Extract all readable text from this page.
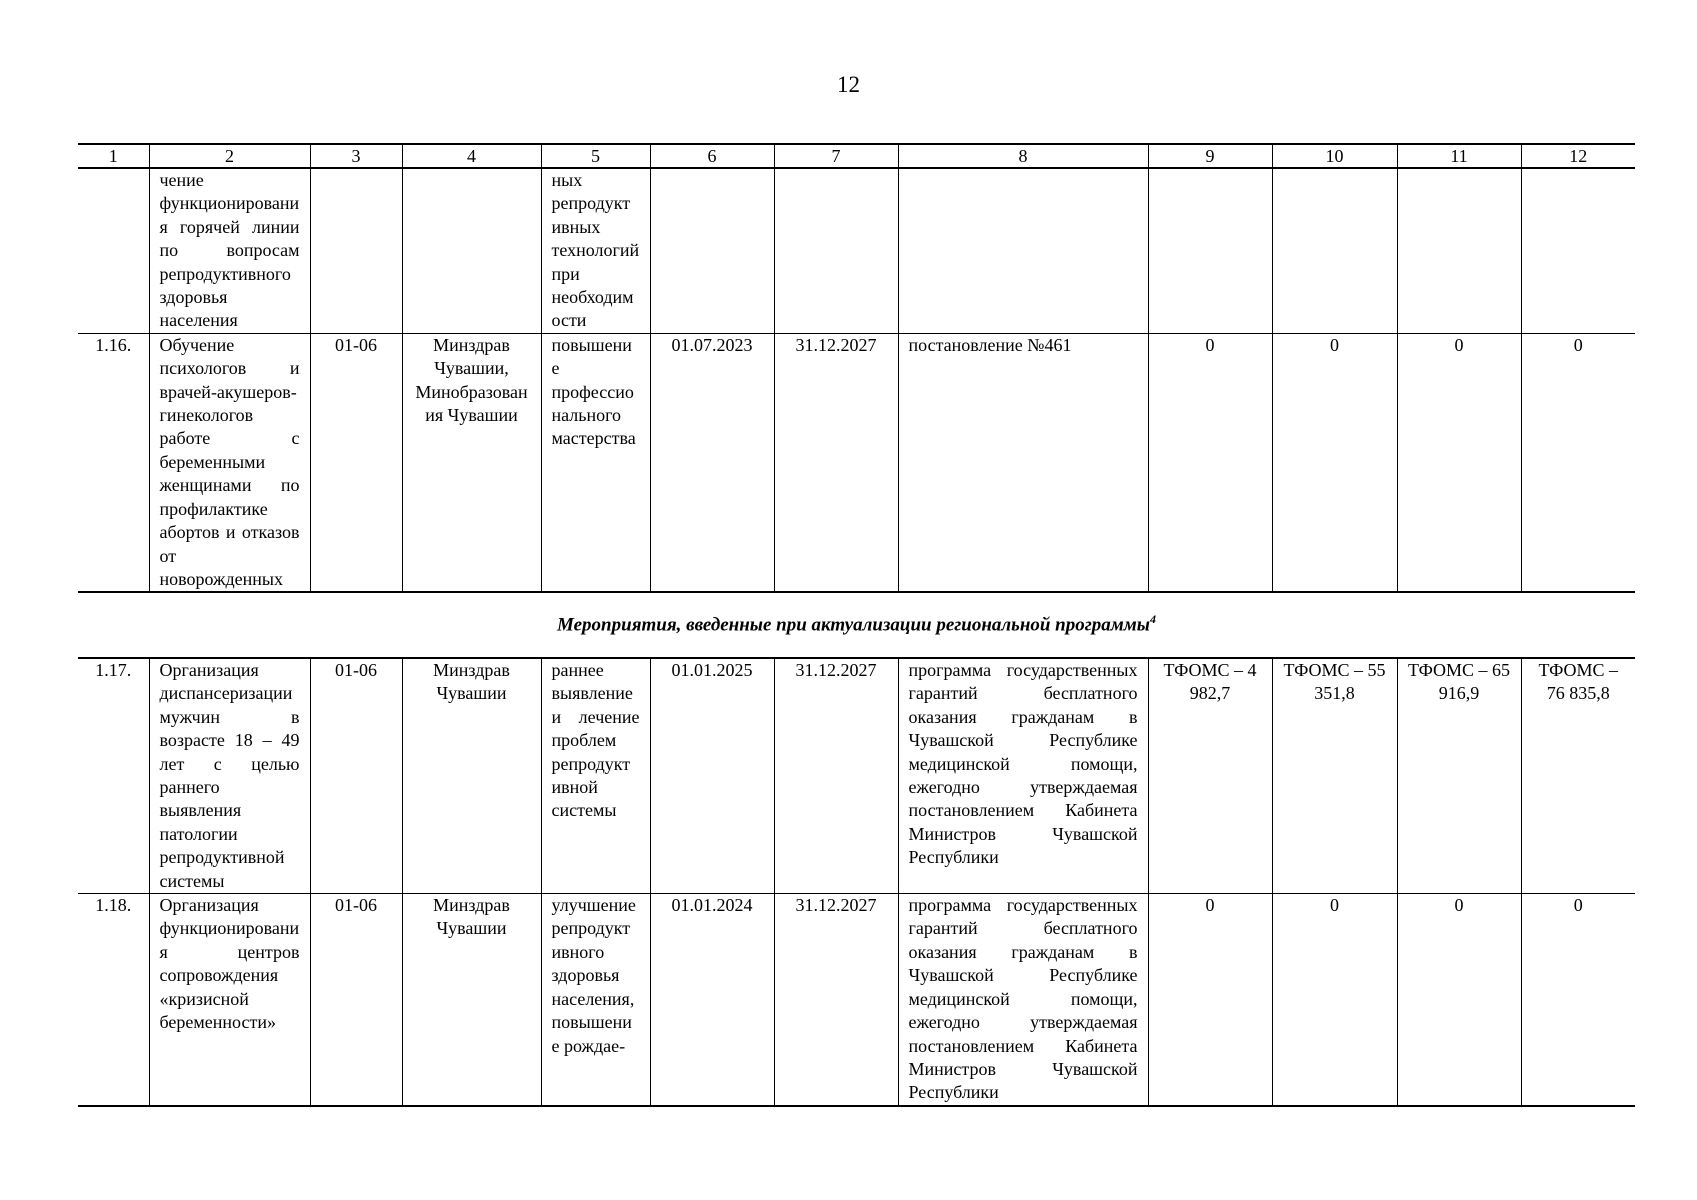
12
1	2	3	4	5	6	7	8	9	10	11	12
	чение функционирования горячей линии по вопросам репродуктивного здоровья населения			ных репродуктивных технологий при необходимости							
1.16.	Обучение психологов и врачей-акушеров-гинекологов работе с беременными женщинами по профилактике абортов и отказов от новорожденных	01-06	Минздрав Чувашии, Минобразования Чувашии	повышение профессионального мастерства	01.07.2023	31.12.2027	постановление №461	0	0	0	0
Мероприятия, введенные при актуализации региональной программы$^4$
1.17.	Организация диспансеризации мужчин в возрасте 18 – 49 лет с целью раннего выявления патологии репродуктивной системы	01-06	Минздрав Чувашии	раннее выявление и лечение проблем репродуктивной системы	01.01.2025	31.12.2027	программа государственных гарантий бесплатного оказания гражданам в Чувашской Республике медицинской помощи, ежегодно утверждаемая постановлением Кабинета Министров Чувашской Республики	ТФОМС – 4 982,7	ТФОМС – 55 351,8	ТФОМС – 65 916,9	ТФОМС – 76 835,8
1.18.	Организация функционирования центров сопровождения «кризисной беременности»	01-06	Минздрав Чувашии	улучшение репродуктивного здоровья населения, повышение рождае-	01.01.2024	31.12.2027	программа государственных гарантий бесплатного оказания гражданам в Чувашской Республике медицинской помощи, ежегодно утверждаемая постановлением Кабинета Министров Чувашской Республики	0	0	0	0
